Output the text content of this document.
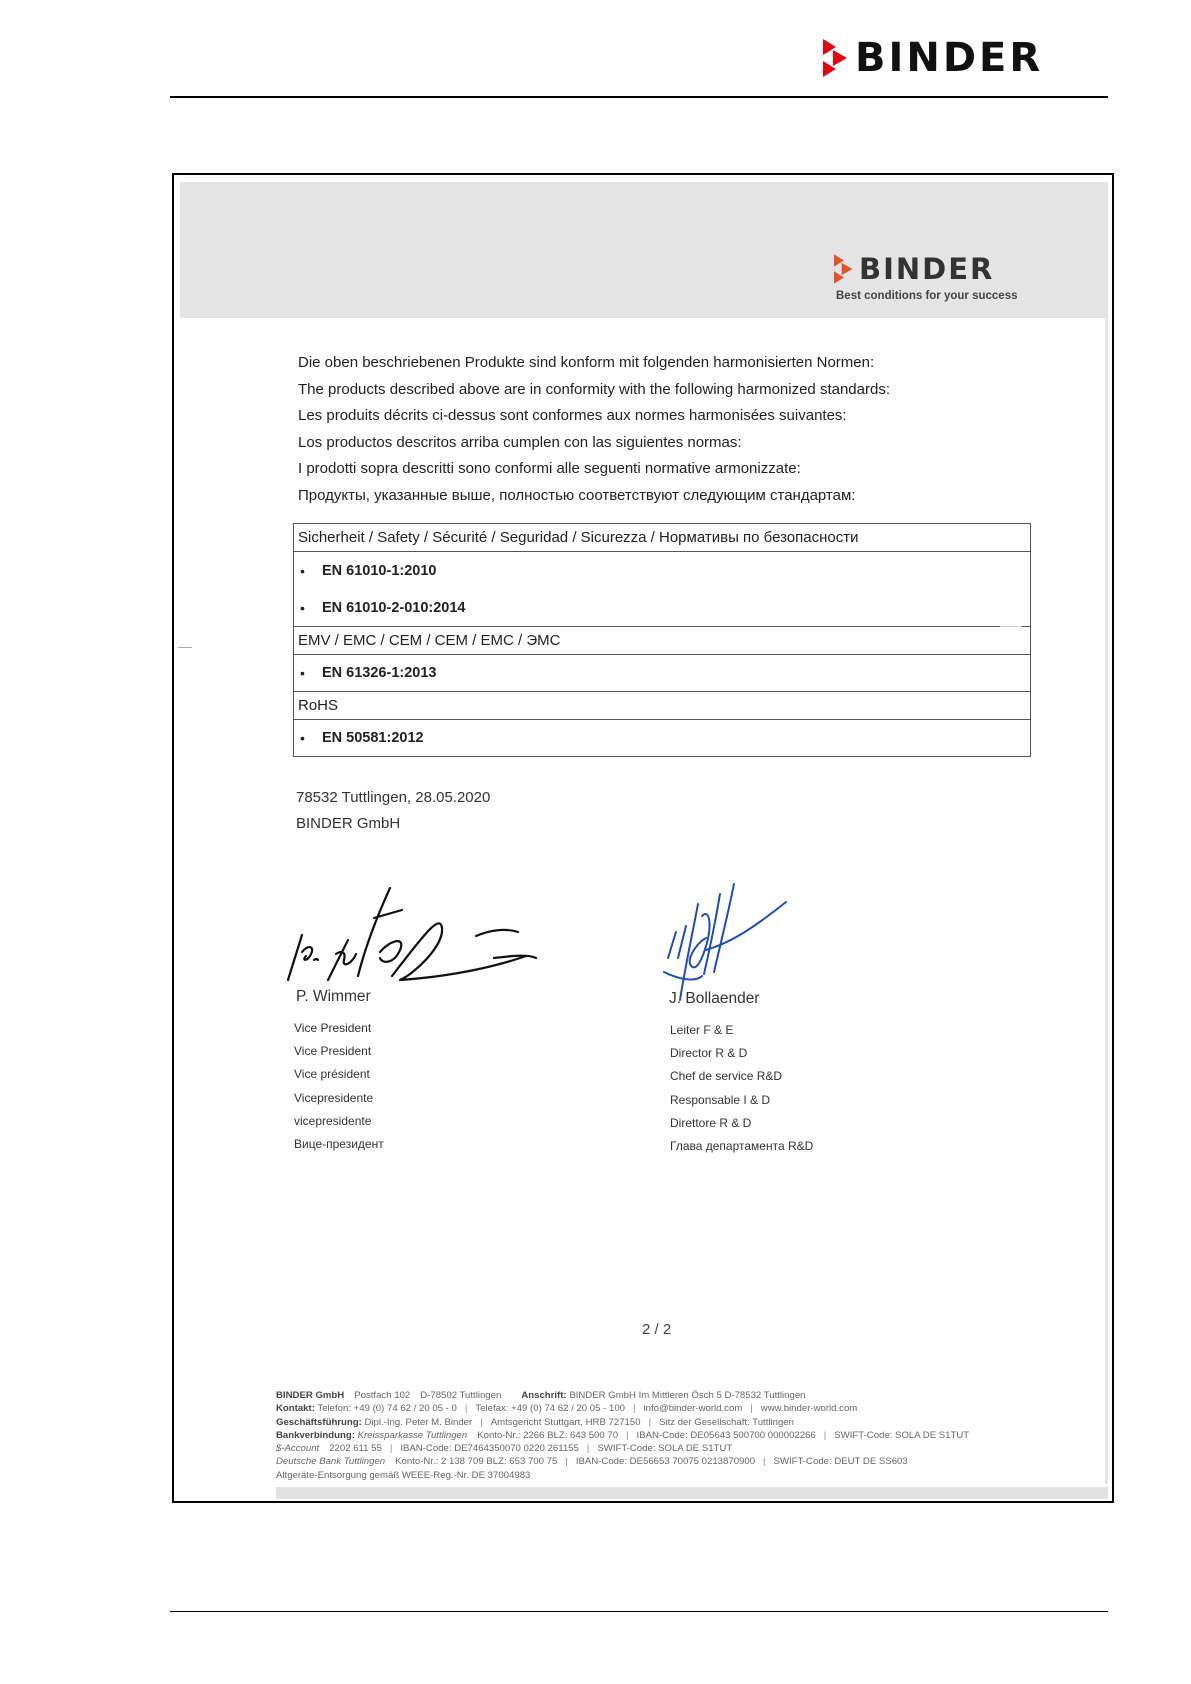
BINDER
BINDER
Best conditions for your success
Die oben beschriebenen Produkte sind konform mit folgenden harmonisierten Normen:
The products described above are in conformity with the following harmonized standards:
Les produits décrits ci-dessus sont conformes aux normes harmonisées suivantes:
Los productos descritos arriba cumplen con las siguientes normas:
I prodotti sopra descritti sono conformi alle seguenti normative armonizzate:
Продукты, указанные выше, полностью соответствуют следующим стандартам:
Sicherheit / Safety / Sécurité / Seguridad / Sicurezza / Нормативы по безопасности
•	EN 61010-1:2010
•	EN 61010-2-010:2014
EMV / EMC / CEM / CEM / EMC / ЭМС
•	EN 61326-1:2013
RoHS
•	EN 50581:2012
78532 Tuttlingen, 28.05.2020
BINDER GmbH
P. Wimmer	J. Bollaender
Vice President
Vice President
Vice président
Vicepresidente
vicepresidente
Вице-президент
Leiter F & E
Director R & D
Chef de service R&D
Responsable I & D
Direttore R & D
Глава департамента R&D
2 / 2
BINDER GmbH Postfach 102 D-78502 Tuttlingen Anschrift: BINDER GmbH Im Mittleren Ösch 5 D-78532 Tuttlingen
Kontakt: Telefon: +49 (0) 74 62 / 20 05 - 0 | Telefax: +49 (0) 74 62 / 20 05 - 100 | info@binder-world.com | www.binder-world.com
Geschäftsführung: Dipl.-Ing. Peter M. Binder | Amtsgericht Stuttgart, HRB 727150 | Sitz der Gesellschaft: Tuttlingen
Bankverbindung: Kreissparkasse Tuttlingen Konto-Nr.: 2266 BLZ: 643 500 70 | IBAN-Code: DE05643 500700 000002266 | SWIFT-Code: SOLA DE S1TUT
$-Account 2202 611 55 | IBAN-Code: DE7464350070 0220 261155 | SWIFT-Code: SOLA DE S1TUT
Deutsche Bank Tuttlingen Konto-Nr.: 2 138 709 BLZ: 653 700 75 | IBAN-Code: DE56653 70075 0213870900 | SWIFT-Code: DEUT DE SS603
Altgeräte-Entsorgung gemäß WEEE-Reg.-Nr. DE 37004983
